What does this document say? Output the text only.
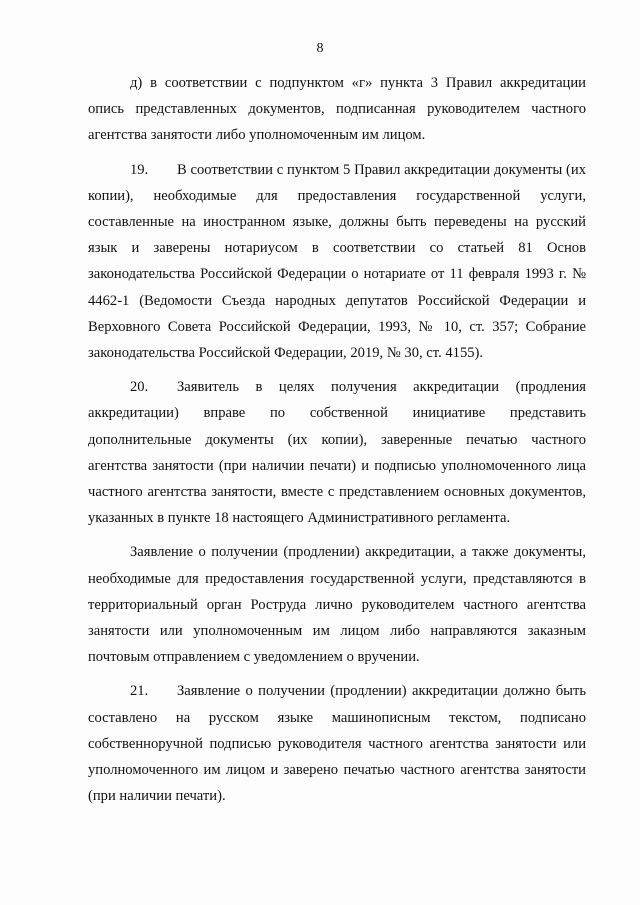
8

д) в соответствии с подпунктом «г» пункта 3 Правил аккредитации опись представленных документов, подписанная руководителем частного агентства занятости либо уполномоченным им лицом.

19. В соответствии с пунктом 5 Правил аккредитации документы (их копии), необходимые для предоставления государственной услуги, составленные на иностранном языке, должны быть переведены на русский язык и заверены нотариусом в соответствии со статьей 81 Основ законодательства Российской Федерации о нотариате от 11 февраля 1993 г. № 4462-1 (Ведомости Съезда народных депутатов Российской Федерации и Верховного Совета Российской Федерации, 1993, № 10, ст. 357; Собрание законодательства Российской Федерации, 2019, № 30, ст. 4155).

20. Заявитель в целях получения аккредитации (продления аккредитации) вправе по собственной инициативе представить дополнительные документы (их копии), заверенные печатью частного агентства занятости (при наличии печати) и подписью уполномоченного лица частного агентства занятости, вместе с представлением основных документов, указанных в пункте 18 настоящего Административного регламента.

Заявление о получении (продлении) аккредитации, а также документы, необходимые для предоставления государственной услуги, представляются в территориальный орган Роструда лично руководителем частного агентства занятости или уполномоченным им лицом либо направляются заказным почтовым отправлением с уведомлением о вручении.

21. Заявление о получении (продлении) аккредитации должно быть составлено на русском языке машинописным текстом, подписано собственноручной подписью руководителя частного агентства занятости или уполномоченного им лицом и заверено печатью частного агентства занятости (при наличии печати).
